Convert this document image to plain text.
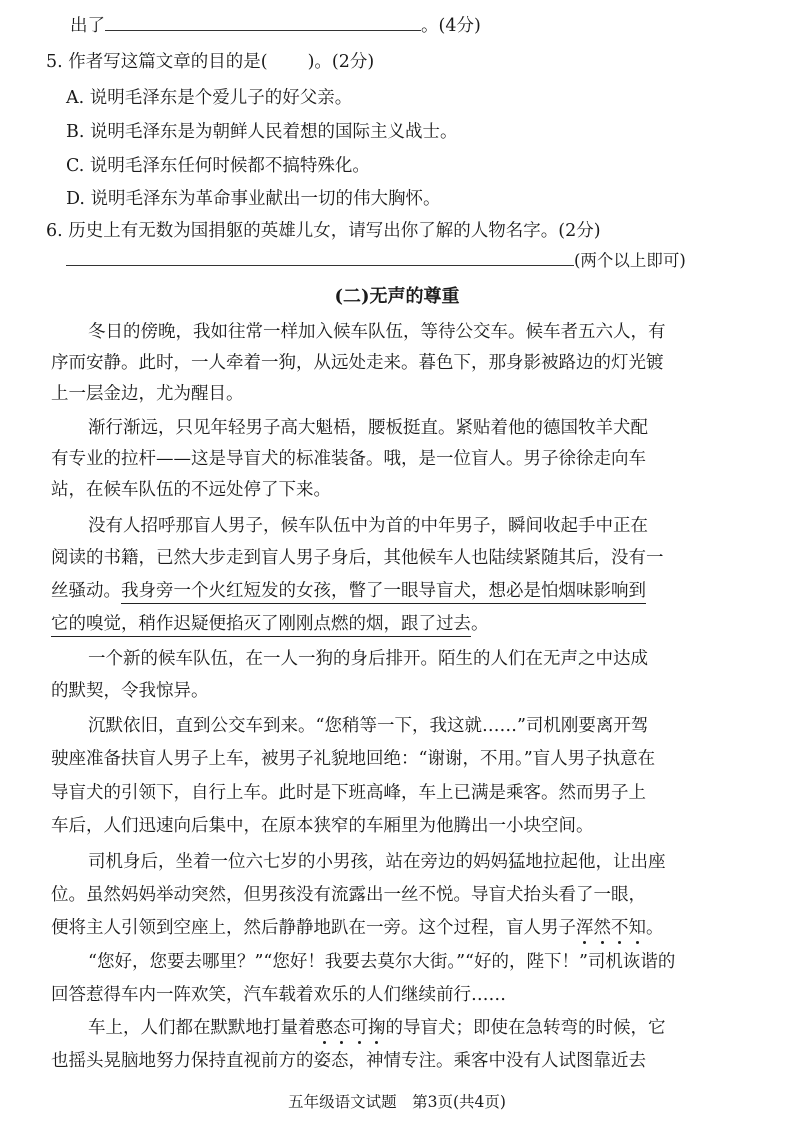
出了	。(4分)
5. 作者写这篇文章的目的是( )。(2分)
A. 说明毛泽东是个爱儿子的好父亲。
B. 说明毛泽东是为朝鲜人民着想的国际主义战士。
C. 说明毛泽东任何时候都不搞特殊化。
D. 说明毛泽东为革命事业献出一切的伟大胸怀。
6. 历史上有无数为国捐躯的英雄儿女，请写出你了解的人物名字。(2分)
(两个以上即可)
(二)无声的尊重
冬日的傍晚，我如往常一样加入候车队伍，等待公交车。候车者五六人，有
序而安静。此时，一人牵着一狗，从远处走来。暮色下，那身影被路边的灯光镀
上一层金边，尤为醒目。
渐行渐远，只见年轻男子高大魁梧，腰板挺直。紧贴着他的德国牧羊犬配
有专业的拉杆——这是导盲犬的标准装备。哦，是一位盲人。男子徐徐走向车
站，在候车队伍的不远处停了下来。
没有人招呼那盲人男子，候车队伍中为首的中年男子，瞬间收起手中正在
阅读的书籍，已然大步走到盲人男子身后，其他候车人也陆续紧随其后，没有一
丝骚动。我身旁一个火红短发的女孩，瞥了一眼导盲犬，想必是怕烟味影响到
它的嗅觉，稍作迟疑便掐灭了刚刚点燃的烟，跟了过去。
一个新的候车队伍，在一人一狗的身后排开。陌生的人们在无声之中达成
的默契，令我惊异。
沉默依旧，直到公交车到来。“您稍等一下，我这就……”司机刚要离开驾
驶座准备扶盲人男子上车，被男子礼貌地回绝：“谢谢，不用。”盲人男子执意在
导盲犬的引领下，自行上车。此时是下班高峰，车上已满是乘客。然而男子上
车后，人们迅速向后集中，在原本狭窄的车厢里为他腾出一小块空间。
司机身后，坐着一位六七岁的小男孩，站在旁边的妈妈猛地拉起他，让出座
位。虽然妈妈举动突然，但男孩没有流露出一丝不悦。导盲犬抬头看了一眼，
便将主人引领到空座上，然后静静地趴在一旁。这个过程，盲人男子浑然不知。
“您好，您要去哪里？”“您好！我要去莫尔大街。”“好的，陛下！”司机诙谐的
回答惹得车内一阵欢笑，汽车载着欢乐的人们继续前行……
车上，人们都在默默地打量着憨态可掬的导盲犬；即使在急转弯的时候，它
也摇头晃脑地努力保持直视前方的姿态，神情专注。乘客中没有人试图靠近去
五年级语文试题　第3页(共4页)
